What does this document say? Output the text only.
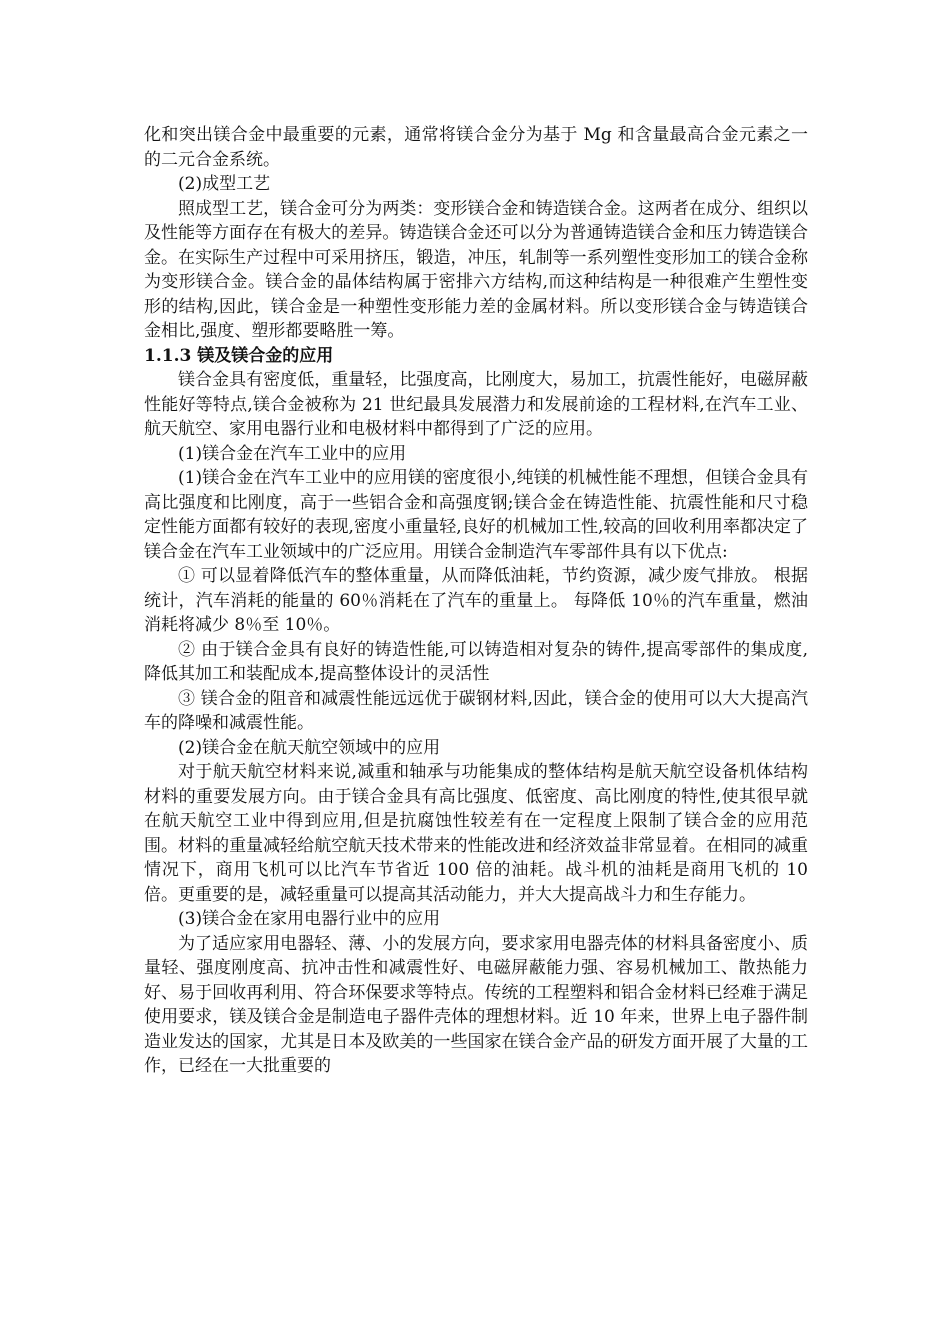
化和突出镁合金中最重要的元素，通常将镁合金分为基于 Mg 和含量最高合金元素之一的二元合金系统。

(2)成型工艺

照成型工艺，镁合金可分为两类：变形镁合金和铸造镁合金。这两者在成分、组织以及性能等方面存在有极大的差异。铸造镁合金还可以分为普通铸造镁合金和压力铸造镁合金。在实际生产过程中可采用挤压，锻造，冲压，轧制等一系列塑性变形加工的镁合金称为变形镁合金。镁合金的晶体结构属于密排六方结构,而这种结构是一种很难产生塑性变形的结构,因此，镁合金是一种塑性变形能力差的金属材料。所以变形镁合金与铸造镁合金相比,强度、塑形都要略胜一筹。

1.1.3 镁及镁合金的应用

镁合金具有密度低，重量轻，比强度高，比刚度大，易加工，抗震性能好，电磁屏蔽性能好等特点,镁合金被称为 21 世纪最具发展潜力和发展前途的工程材料,在汽车工业、航天航空、家用电器行业和电极材料中都得到了广泛的应用。

(1)镁合金在汽车工业中的应用

(1)镁合金在汽车工业中的应用镁的密度很小,纯镁的机械性能不理想，但镁合金具有高比强度和比刚度，高于一些铝合金和高强度钢;镁合金在铸造性能、抗震性能和尺寸稳定性能方面都有较好的表现,密度小重量轻,良好的机械加工性,较高的回收利用率都决定了镁合金在汽车工业领域中的广泛应用。用镁合金制造汽车零部件具有以下优点:

① 可以显着降低汽车的整体重量，从而降低油耗，节约资源，减少废气排放。 根据统计，汽车消耗的能量的 60％消耗在了汽车的重量上。 每降低 10％的汽车重量，燃油消耗将减少 8％至 10％。

② 由于镁合金具有良好的铸造性能,可以铸造相对复杂的铸件,提高零部件的集成度,降低其加工和装配成本,提高整体设计的灵活性

③ 镁合金的阻音和减震性能远远优于碳钢材料,因此，镁合金的使用可以大大提高汽车的降噪和减震性能。

(2)镁合金在航天航空领域中的应用

对于航天航空材料来说,减重和轴承与功能集成的整体结构是航天航空设备机体结构材料的重要发展方向。由于镁合金具有高比强度、低密度、高比刚度的特性,使其很早就在航天航空工业中得到应用,但是抗腐蚀性较差有在一定程度上限制了镁合金的应用范围。材料的重量减轻给航空航天技术带来的性能改进和经济效益非常显着。在相同的减重情况下，商用飞机可以比汽车节省近 100 倍的油耗。战斗机的油耗是商用飞机的 10 倍。更重要的是，减轻重量可以提高其活动能力，并大大提高战斗力和生存能力。

(3)镁合金在家用电器行业中的应用

为了适应家用电器轻、薄、小的发展方向，要求家用电器壳体的材料具备密度小、质量轻、强度刚度高、抗冲击性和减震性好、电磁屏蔽能力强、容易机械加工、散热能力好、易于回收再利用、符合环保要求等特点。传统的工程塑料和铝合金材料已经难于满足使用要求，镁及镁合金是制造电子器件壳体的理想材料。近 10 年来，世界上电子器件制造业发达的国家，尤其是日本及欧美的一些国家在镁合金产品的研发方面开展了大量的工作，已经在一大批重要的
